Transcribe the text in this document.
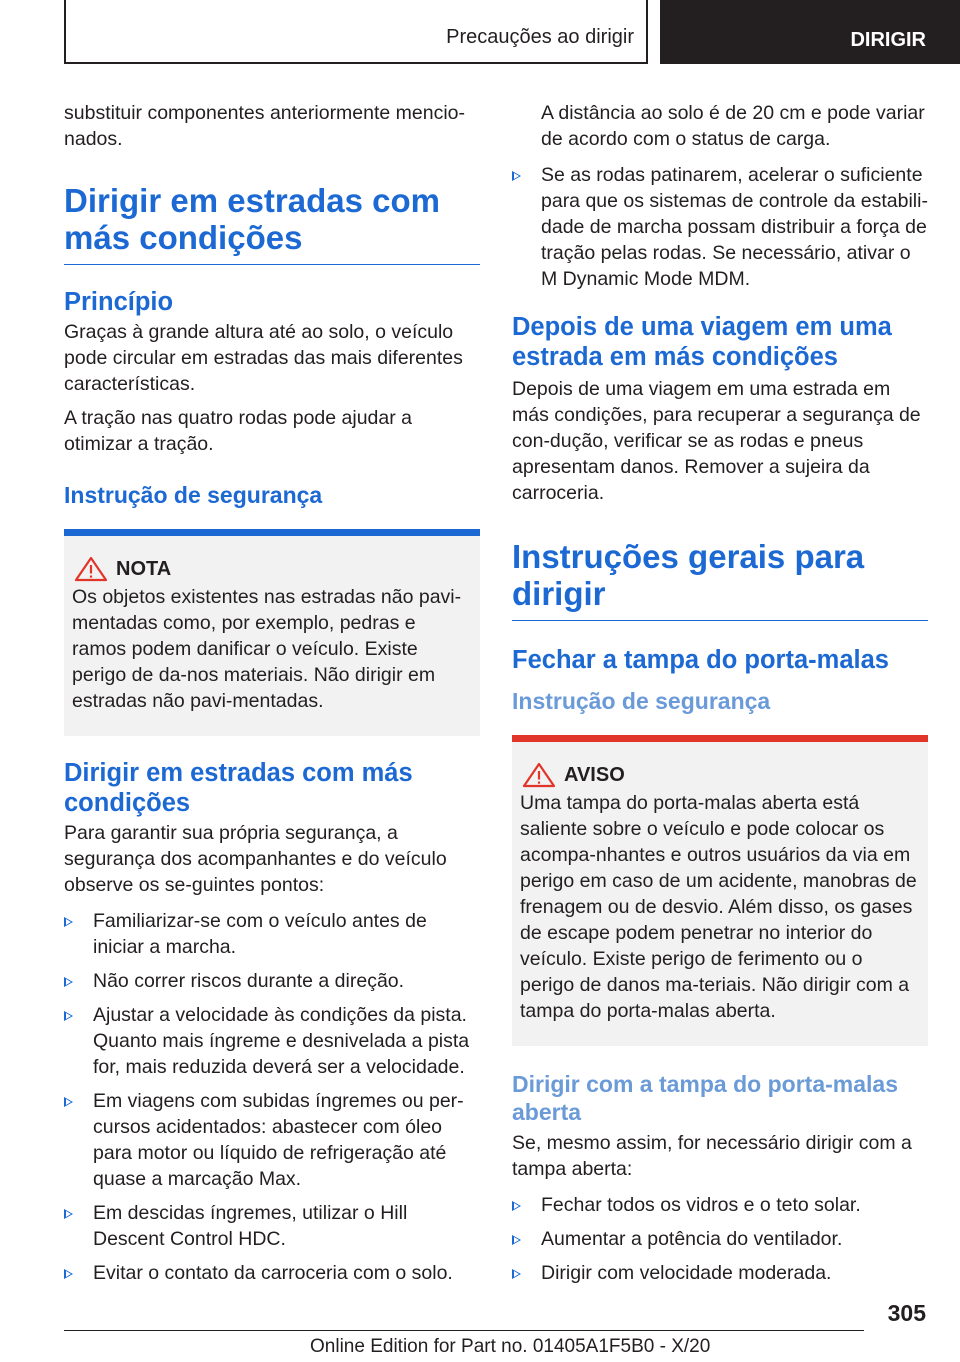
Precauções ao dirigir	DIRIGIR

substituir componentes anteriormente mencio-nados.

Dirigir em estradas com más condições
Princípio

Graças à grande altura até ao solo, o veículo pode circular em estradas das mais diferentes características.

A tração nas quatro rodas pode ajudar a otimizar a tração.

Instrução de segurança
NOTA

Os objetos existentes nas estradas não pavi-mentadas como, por exemplo, pedras e ramos podem danificar o veículo. Existe perigo de da-nos materiais. Não dirigir em estradas não pavi-mentadas.

Dirigir em estradas com más condições

Para garantir sua própria segurança, a segurança dos acompanhantes e do veículo observe os se-guintes pontos:

Familiarizar-se com o veículo antes de iniciar a marcha.
Não correr riscos durante a direção.
Ajustar a velocidade às condições da pista. Quanto mais íngreme e desnivelada a pista for, mais reduzida deverá ser a velocidade.
Em viagens com subidas íngremes ou per-cursos acidentados: abastecer com óleo para motor ou líquido de refrigeração até quase a marcação Max.
Em descidas íngremes, utilizar o Hill Descent Control HDC.
Evitar o contato da carroceria com o solo.

A distância ao solo é de 20 cm e pode variar de acordo com o status de carga.

Se as rodas patinarem, acelerar o suficiente para que os sistemas de controle da estabili-dade de marcha possam distribuir a força de tração pelas rodas. Se necessário, ativar o M Dynamic Mode MDM.
Depois de uma viagem em uma estrada em más condições

Depois de uma viagem em uma estrada em más condições, para recuperar a segurança de con-dução, verificar se as rodas e pneus apresentam danos. Remover a sujeira da carroceria.

Instruções gerais para dirigir
Fechar a tampa do porta-malas
Instrução de segurança
AVISO

Uma tampa do porta-malas aberta está saliente sobre o veículo e pode colocar os acompa-nhantes e outros usuários da via em perigo em caso de um acidente, manobras de frenagem ou de desvio. Além disso, os gases de escape podem penetrar no interior do veículo. Existe perigo de ferimento ou o perigo de danos ma-teriais. Não dirigir com a tampa do porta-malas aberta.

Dirigir com a tampa do porta-malas aberta

Se, mesmo assim, for necessário dirigir com a tampa aberta:

Fechar todos os vidros e o teto solar.
Aumentar a potência do ventilador.
Dirigir com velocidade moderada.
305
Online Edition for Part no. 01405A1F5B0 - X/20
